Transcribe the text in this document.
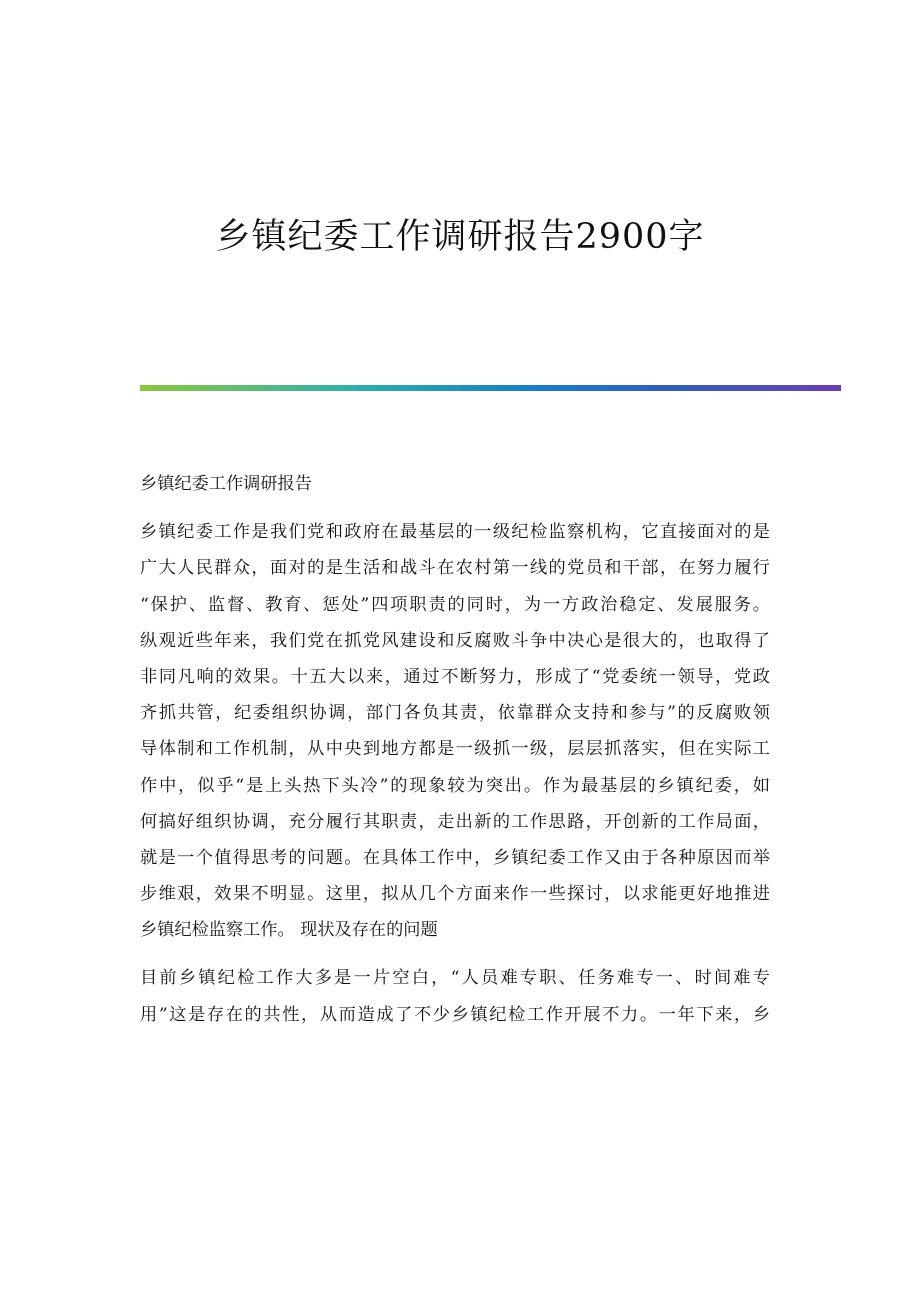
乡镇纪委工作调研报告2900字
乡镇纪委工作调研报告
乡镇纪委工作是我们党和政府在最基层的一级纪检监察机构，它直接面对的是
广大人民群众，面对的是生活和战斗在农村第一线的党员和干部，在努力履行
“保护、监督、教育、惩处”四项职责的同时，为一方政治稳定、发展服务。
纵观近些年来，我们党在抓党风建设和反腐败斗争中决心是很大的，也取得了
非同凡响的效果。十五大以来，通过不断努力，形成了“党委统一领导，党政
齐抓共管，纪委组织协调，部门各负其责，依靠群众支持和参与”的反腐败领
导体制和工作机制，从中央到地方都是一级抓一级，层层抓落实，但在实际工
作中，似乎“是上头热下头冷”的现象较为突出。作为最基层的乡镇纪委，如
何搞好组织协调，充分履行其职责，走出新的工作思路，开创新的工作局面，
就是一个值得思考的问题。在具体工作中，乡镇纪委工作又由于各种原因而举
步维艰，效果不明显。这里，拟从几个方面来作一些探讨，以求能更好地推进
乡镇纪检监察工作。 现状及存在的问题
目前乡镇纪检工作大多是一片空白，“人员难专职、任务难专一、时间难专
用”这是存在的共性，从而造成了不少乡镇纪检工作开展不力。一年下来，乡
